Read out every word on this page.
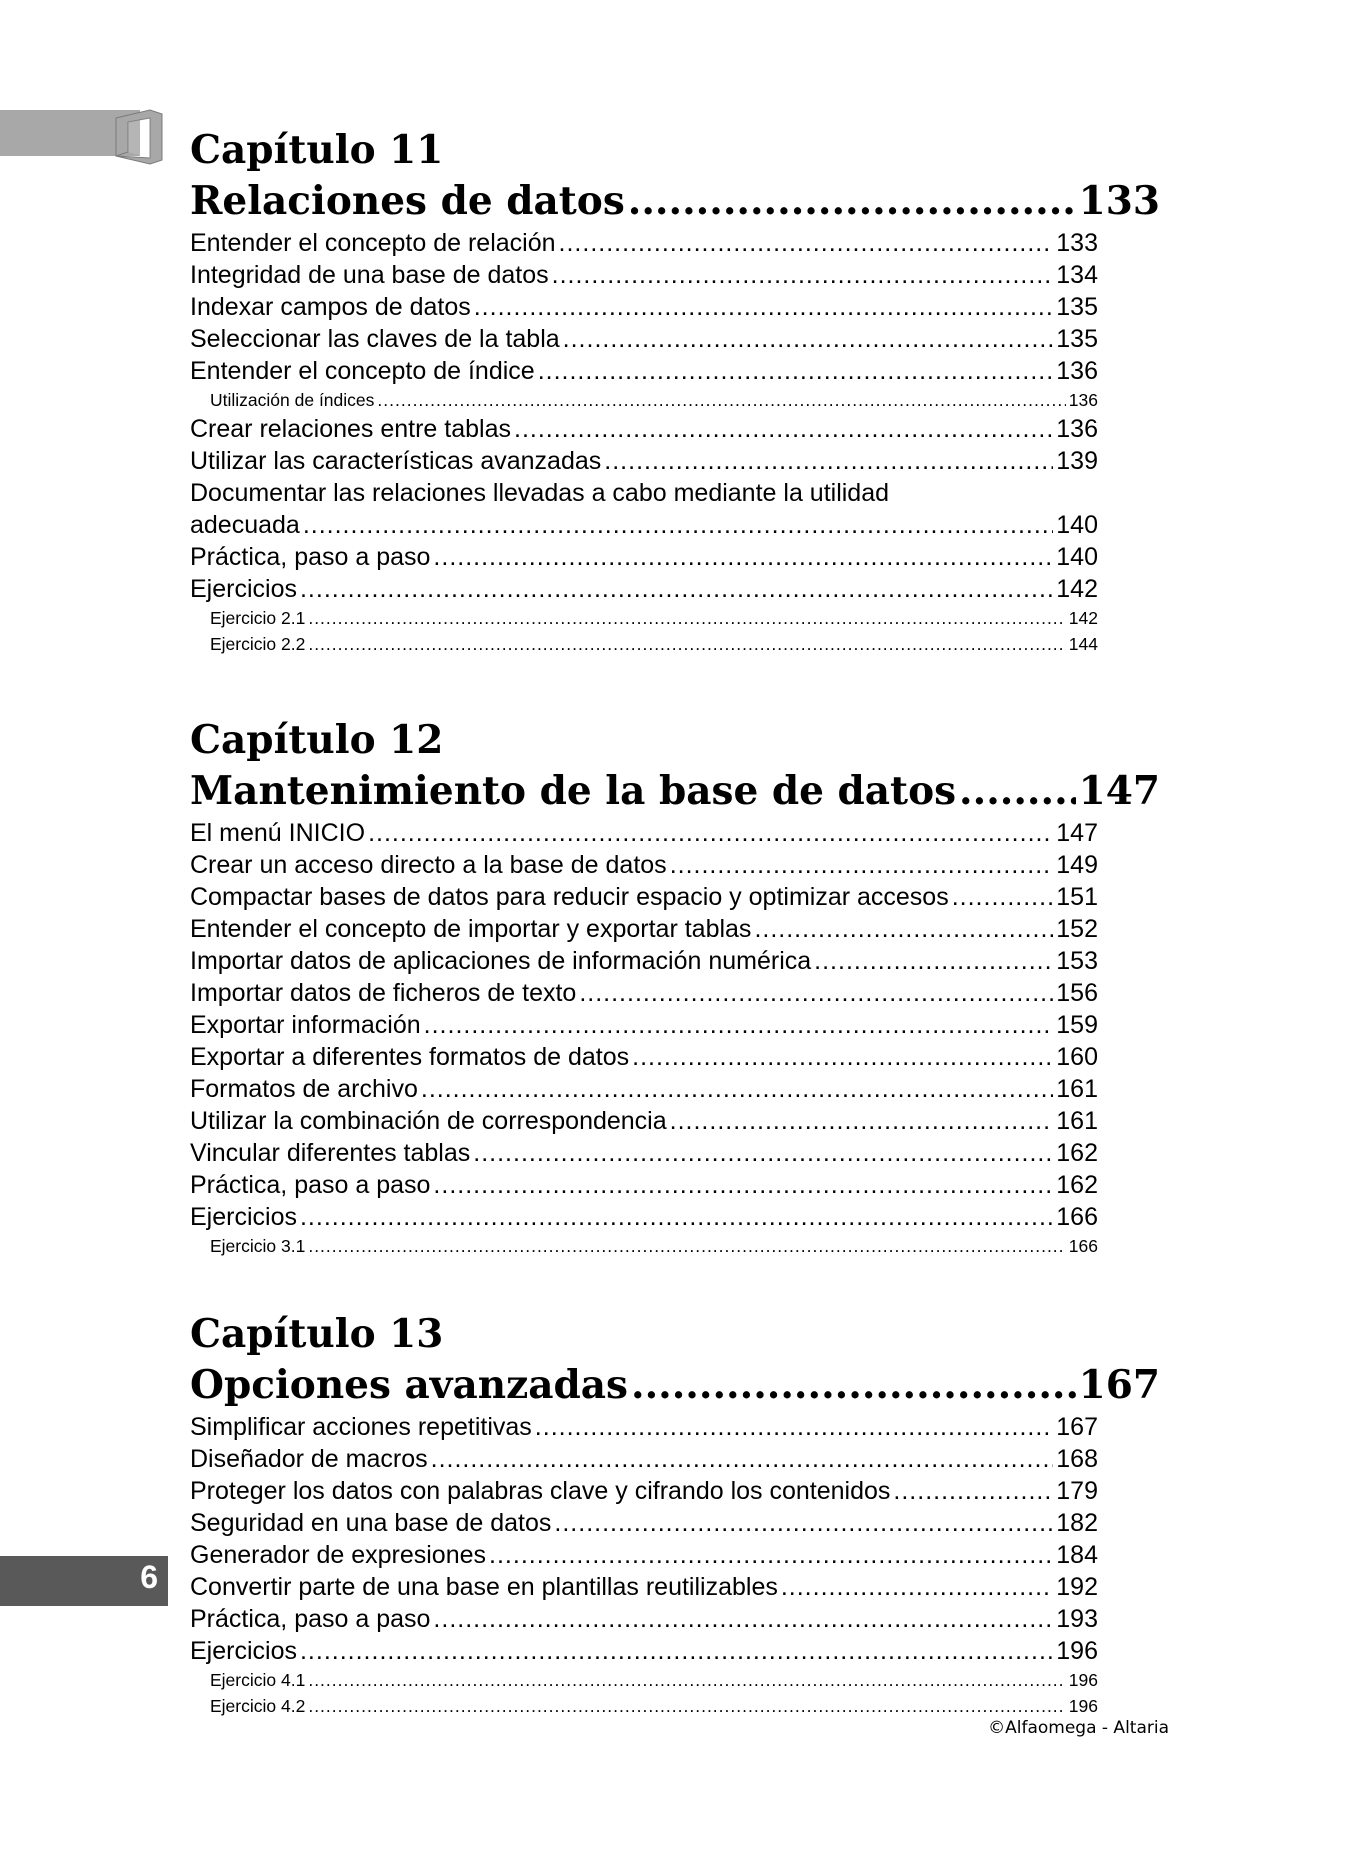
6
Capítulo 11
Relaciones de datos .....	133
Entender el concepto de relación .....	133
Integridad de una base de datos .....	134
Indexar campos de datos .....	135
Seleccionar las claves de la tabla .....	135
Entender el concepto de índice .....	136
Utilización de índices .....	136
Crear relaciones entre tablas .....	136
Utilizar las características avanzadas .....	139
Documentar las relaciones llevadas a cabo mediante la utilidad
adecuada .....	140
Práctica, paso a paso .....	140
Ejercicios .....	142
Ejercicio 2.1 .....	142
Ejercicio 2.2 .....	144
Capítulo 12
Mantenimiento de la base de datos .....	147
El menú INICIO .....	147
Crear un acceso directo a la base de datos .....	149
Compactar bases de datos para reducir espacio y optimizar accesos .....	151
Entender el concepto de importar y exportar tablas .....	152
Importar datos de aplicaciones de información numérica .....	153
Importar datos de ficheros de texto .....	156
Exportar información .....	159
Exportar a diferentes formatos de datos .....	160
Formatos de archivo .....	161
Utilizar la combinación de correspondencia .....	161
Vincular diferentes tablas .....	162
Práctica, paso a paso .....	162
Ejercicios .....	166
Ejercicio 3.1 .....	166
Capítulo 13
Opciones avanzadas .....	167
Simplificar acciones repetitivas .....	167
Diseñador de macros .....	168
Proteger los datos con palabras clave y cifrando los contenidos .....	179
Seguridad en una base de datos .....	182
Generador de expresiones .....	184
Convertir parte de una base en plantillas reutilizables .....	192
Práctica, paso a paso .....	193
Ejercicios .....	196
Ejercicio 4.1 .....	196
Ejercicio 4.2 .....	196
©Alfaomega - Altaria
